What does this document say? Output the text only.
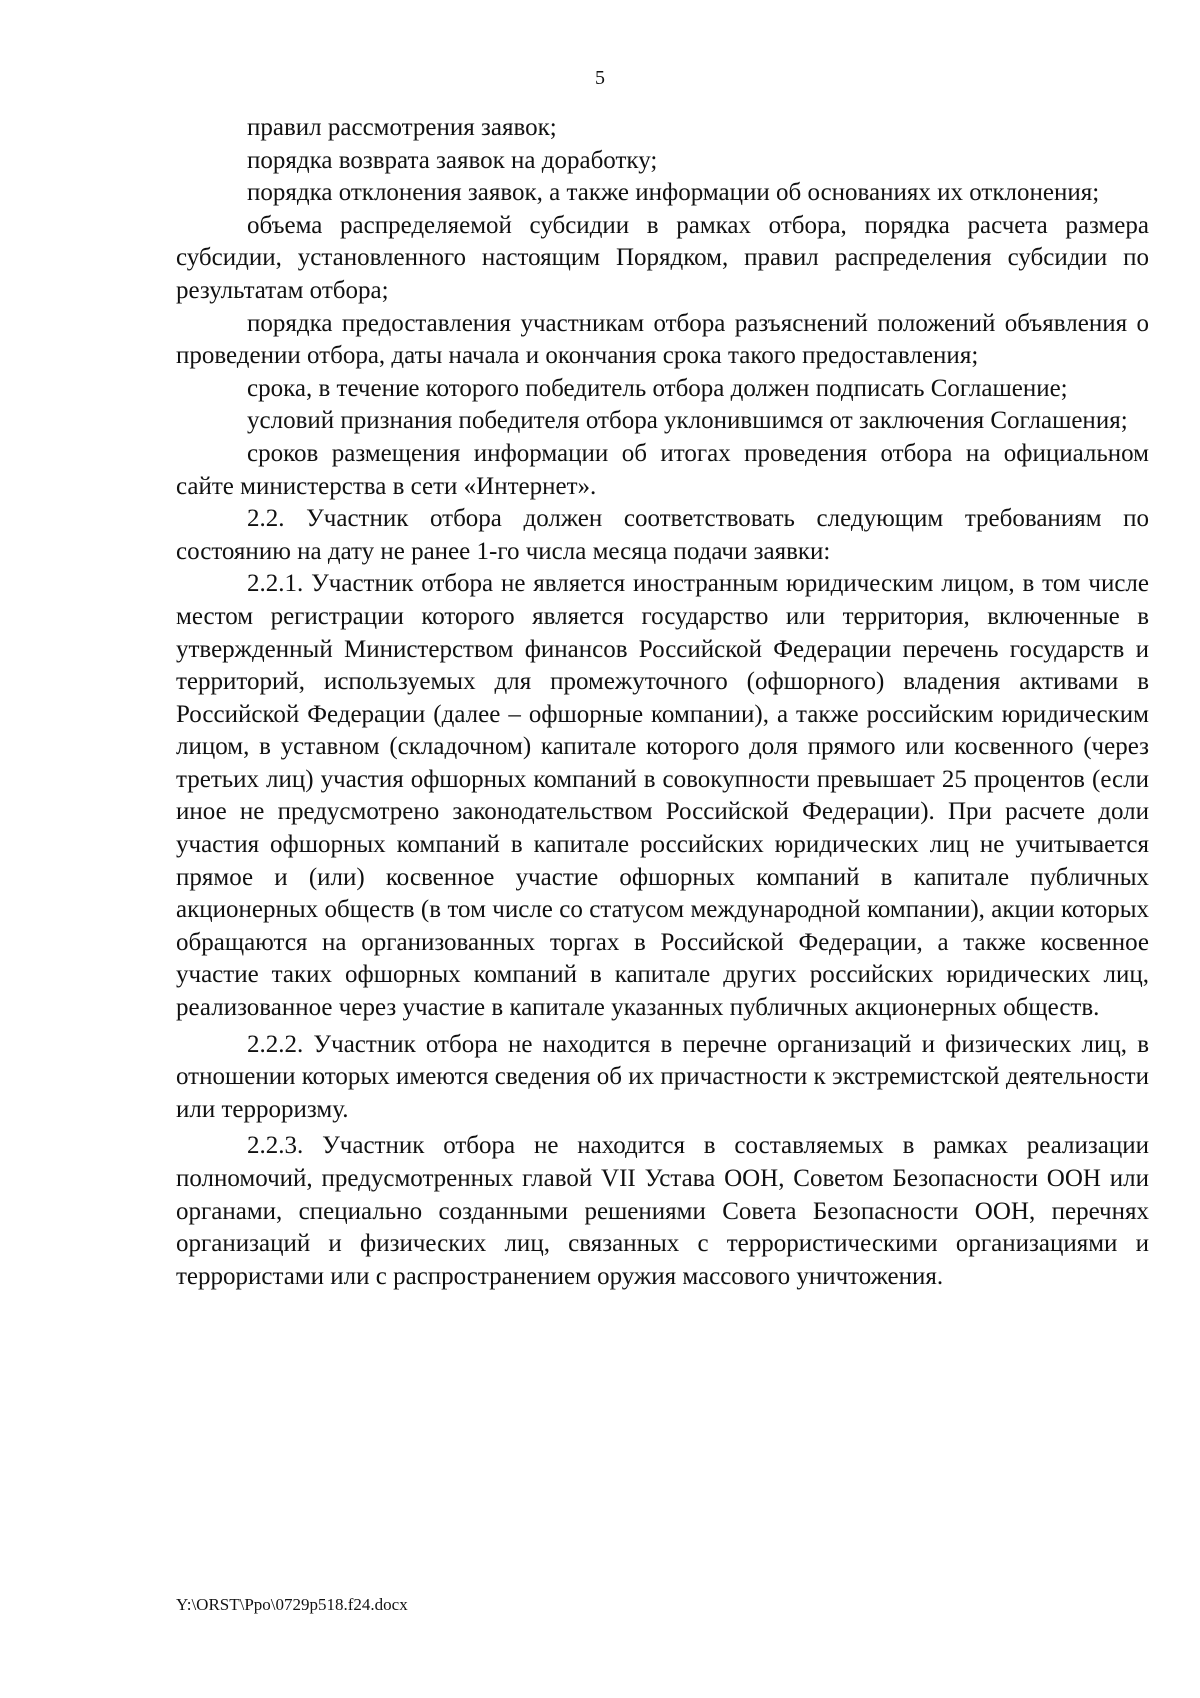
5

правил рассмотрения заявок;

порядка возврата заявок на доработку;

порядка отклонения заявок, а также информации об основаниях их отклонения;

объема распределяемой субсидии в рамках отбора, порядка расчета размера субсидии, установленного настоящим Порядком, правил распределения субсидии по результатам отбора;

порядка предоставления участникам отбора разъяснений положений объявления о проведении отбора, даты начала и окончания срока такого предоставления;

срока, в течение которого победитель отбора должен подписать Соглашение;

условий признания победителя отбора уклонившимся от заключения Соглашения;

сроков размещения информации об итогах проведения отбора на официальном сайте министерства в сети «Интернет».

2.2. Участник отбора должен соответствовать следующим требованиям по состоянию на дату не ранее 1-го числа месяца подачи заявки:

2.2.1. Участник отбора не является иностранным юридическим лицом, в том числе местом регистрации которого является государство или территория, включенные в утвержденный Министерством финансов Российской Федерации перечень государств и территорий, используемых для промежуточного (офшорного) владения активами в Российской Федерации (далее – офшорные компании), а также российским юридическим лицом, в уставном (складочном) капитале которого доля прямого или косвенного (через третьих лиц) участия офшорных компаний в совокупности превышает 25 процентов (если иное не предусмотрено законодательством Российской Федерации). При расчете доли участия офшорных компаний в капитале российских юридических лиц не учитывается прямое и (или) косвенное участие офшорных компаний в капитале публичных акционерных обществ (в том числе со статусом международной компании), акции которых обращаются на организованных торгах в Российской Федерации, а также косвенное участие таких офшорных компаний в капитале других российских юридических лиц, реализованное через участие в капитале указанных публичных акционерных обществ.

2.2.2. Участник отбора не находится в перечне организаций и физических лиц, в отношении которых имеются сведения об их причастности к экстремистской деятельности или терроризму.

2.2.3. Участник отбора не находится в составляемых в рамках реализации полномочий, предусмотренных главой VII Устава ООН, Советом Безопасности ООН или органами, специально созданными решениями Совета Безопасности ООН, перечнях организаций и физических лиц, связанных с террористическими организациями и террористами или с распространением оружия массового уничтожения.

Y:\ORST\Ppo\0729p518.f24.docx
